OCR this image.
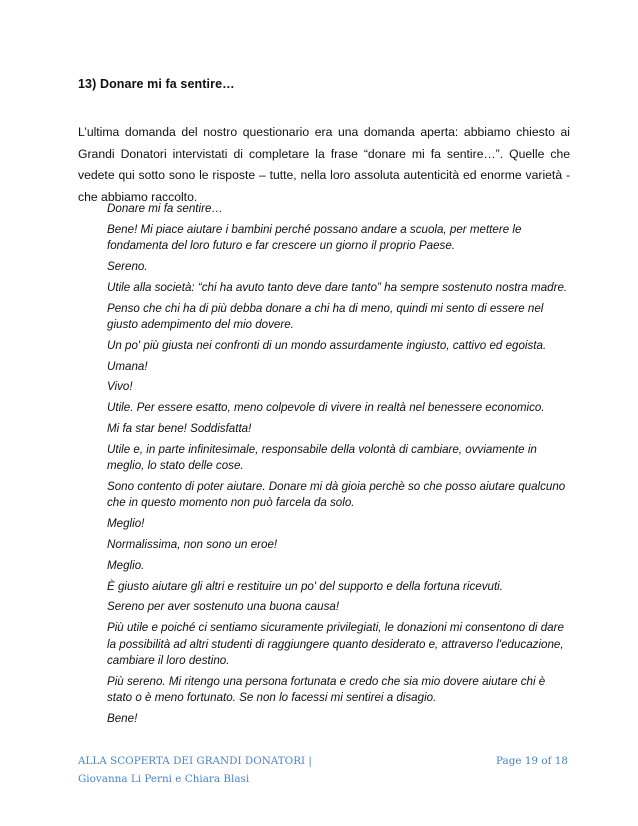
13) Donare mi fa sentire…

L’ultima domanda del nostro questionario era una domanda aperta: abbiamo chiesto ai Grandi Donatori intervistati di completare la frase “donare mi fa sentire…”. Quelle che vedete qui sotto sono le risposte – tutte, nella loro assoluta autenticità ed enorme varietà - che abbiamo raccolto.

Donare mi fa sentire…
Bene! Mi piace aiutare i bambini perché possano andare a scuola, per mettere le fondamenta del loro futuro e far crescere un giorno il proprio Paese.
Sereno.
Utile alla società: “chi ha avuto tanto deve dare tanto” ha sempre sostenuto nostra madre.
Penso che chi ha di più debba donare a chi ha di meno, quindi mi sento di essere nel giusto adempimento del mio dovere.
Un po' più giusta nei confronti di un mondo assurdamente ingiusto, cattivo ed egoista.
Umana!
Vivo!
Utile. Per essere esatto, meno colpevole di vivere in realtà nel benessere economico.
Mi fa star bene! Soddisfatta!
Utile e, in parte infinitesimale, responsabile della volontà di cambiare, ovviamente in meglio, lo stato delle cose.
Sono contento di poter aiutare. Donare mi dà gioia perchè so che posso aiutare qualcuno che in questo momento non può farcela da solo.
Meglio!
Normalissima, non sono un eroe!
Meglio.
È giusto aiutare gli altri e restituire un po' del supporto e della fortuna ricevuti.
Sereno per aver sostenuto una buona causa!
Più utile e poiché ci sentiamo sicuramente privilegiati, le donazioni mi consentono di dare la possibilità ad altri studenti di raggiungere quanto desiderato e, attraverso l'educazione, cambiare il loro destino.
Più sereno. Mi ritengo una persona fortunata e credo che sia mio dovere aiutare chi è stato o è meno fortunato. Se non lo facessi mi sentirei a disagio.
Bene!
ALLA SCOPERTA DEI GRANDI DONATORI |
Giovanna Li Perni e Chiara Blasi
Page 19 of 18
